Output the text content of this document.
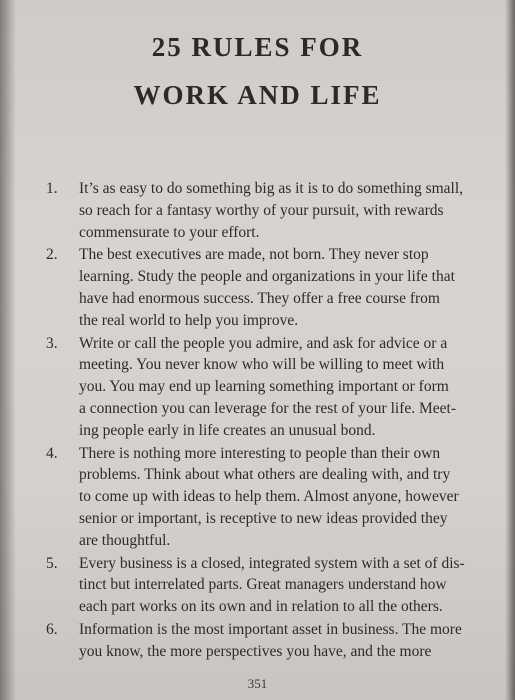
25 RULES FOR
WORK AND LIFE
1.	It’s as easy to do something big as it is to do something small,
so reach for a fantasy worthy of your pursuit, with rewards
commensurate to your effort.
2.	The best executives are made, not born. They never stop
learning. Study the people and organizations in your life that
have had enormous success. They offer a free course from
the real world to help you improve.
3.	Write or call the people you admire, and ask for advice or a
meeting. You never know who will be willing to meet with
you. You may end up learning something important or form
a connection you can leverage for the rest of your life. Meet-
ing people early in life creates an unusual bond.
4.	There is nothing more interesting to people than their own
problems. Think about what others are dealing with, and try
to come up with ideas to help them. Almost anyone, however
senior or important, is receptive to new ideas provided they
are thoughtful.
5.	Every business is a closed, integrated system with a set of dis-
tinct but interrelated parts. Great managers understand how
each part works on its own and in relation to all the others.
6.	Information is the most important asset in business. The more
you know, the more perspectives you have, and the more
351
